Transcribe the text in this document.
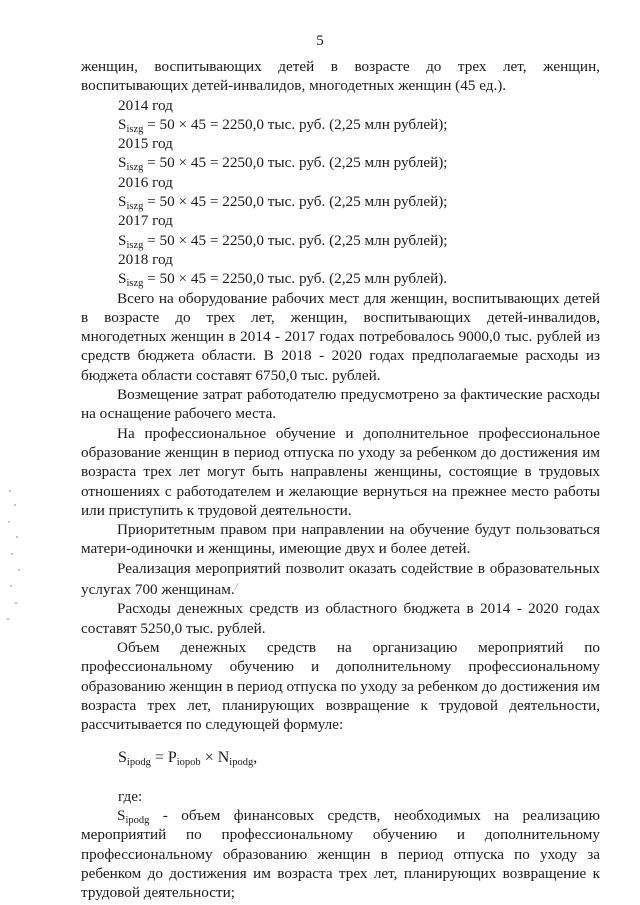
5

женщин, воспитывающих детей в возрасте до трех лет, женщин, воспитывающих детей-инвалидов, многодетных женщин (45 ед.).

2014 год

$S_{iszg} = 50 \times 45 = 2250,0$ тыс. руб. (2,25 млн рублей);

2015 год

$S_{iszg} = 50 \times 45 = 2250,0$ тыс. руб. (2,25 млн рублей);

2016 год

$S_{iszg} = 50 \times 45 = 2250,0$ тыс. руб. (2,25 млн рублей);

2017 год

$S_{iszg} = 50 \times 45 = 2250,0$ тыс. руб. (2,25 млн рублей);

2018 год

$S_{iszg} = 50 \times 45 = 2250,0$ тыс. руб. (2,25 млн рублей).

Всего на оборудование рабочих мест для женщин, воспитывающих детей в возрасте до трех лет, женщин, воспитывающих детей-инвалидов, многодетных женщин в 2014 - 2017 годах потребовалось 9000,0 тыс. рублей из средств бюджета области. В 2018 - 2020 годах предполагаемые расходы из бюджета области составят 6750,0 тыс. рублей.

Возмещение затрат работодателю предусмотрено за фактические расходы на оснащение рабочего места.

На профессиональное обучение и дополнительное профессиональное образование женщин в период отпуска по уходу за ребенком до достижения им возраста трех лет могут быть направлены женщины, состоящие в трудовых отношениях с работодателем и желающие вернуться на прежнее место работы или приступить к трудовой деятельности.

Приоритетным правом при направлении на обучение будут пользоваться матери-одиночки и женщины, имеющие двух и более детей.

Реализация мероприятий позволит оказать содействие в образовательных услугах 700 женщинам./

Расходы денежных средств из областного бюджета в 2014 - 2020 годах составят 5250,0 тыс. рублей.

Объем денежных средств на организацию мероприятий по профессиональному обучению и дополнительному профессиональному образованию женщин в период отпуска по уходу за ребенком до достижения им возраста трех лет, планирующих возвращение к трудовой деятельности, рассчитывается по следующей формуле:

$S_{ipodg} = P_{iopob} \times N_{ipodg}$,

где:

$S_{ipodg}$ - объем финансовых средств, необходимых на реализацию мероприятий по профессиональному обучению и дополнительному профессиональному образованию женщин в период отпуска по уходу за ребенком до достижения им возраста трех лет, планирующих возвращение к трудовой деятельности;
